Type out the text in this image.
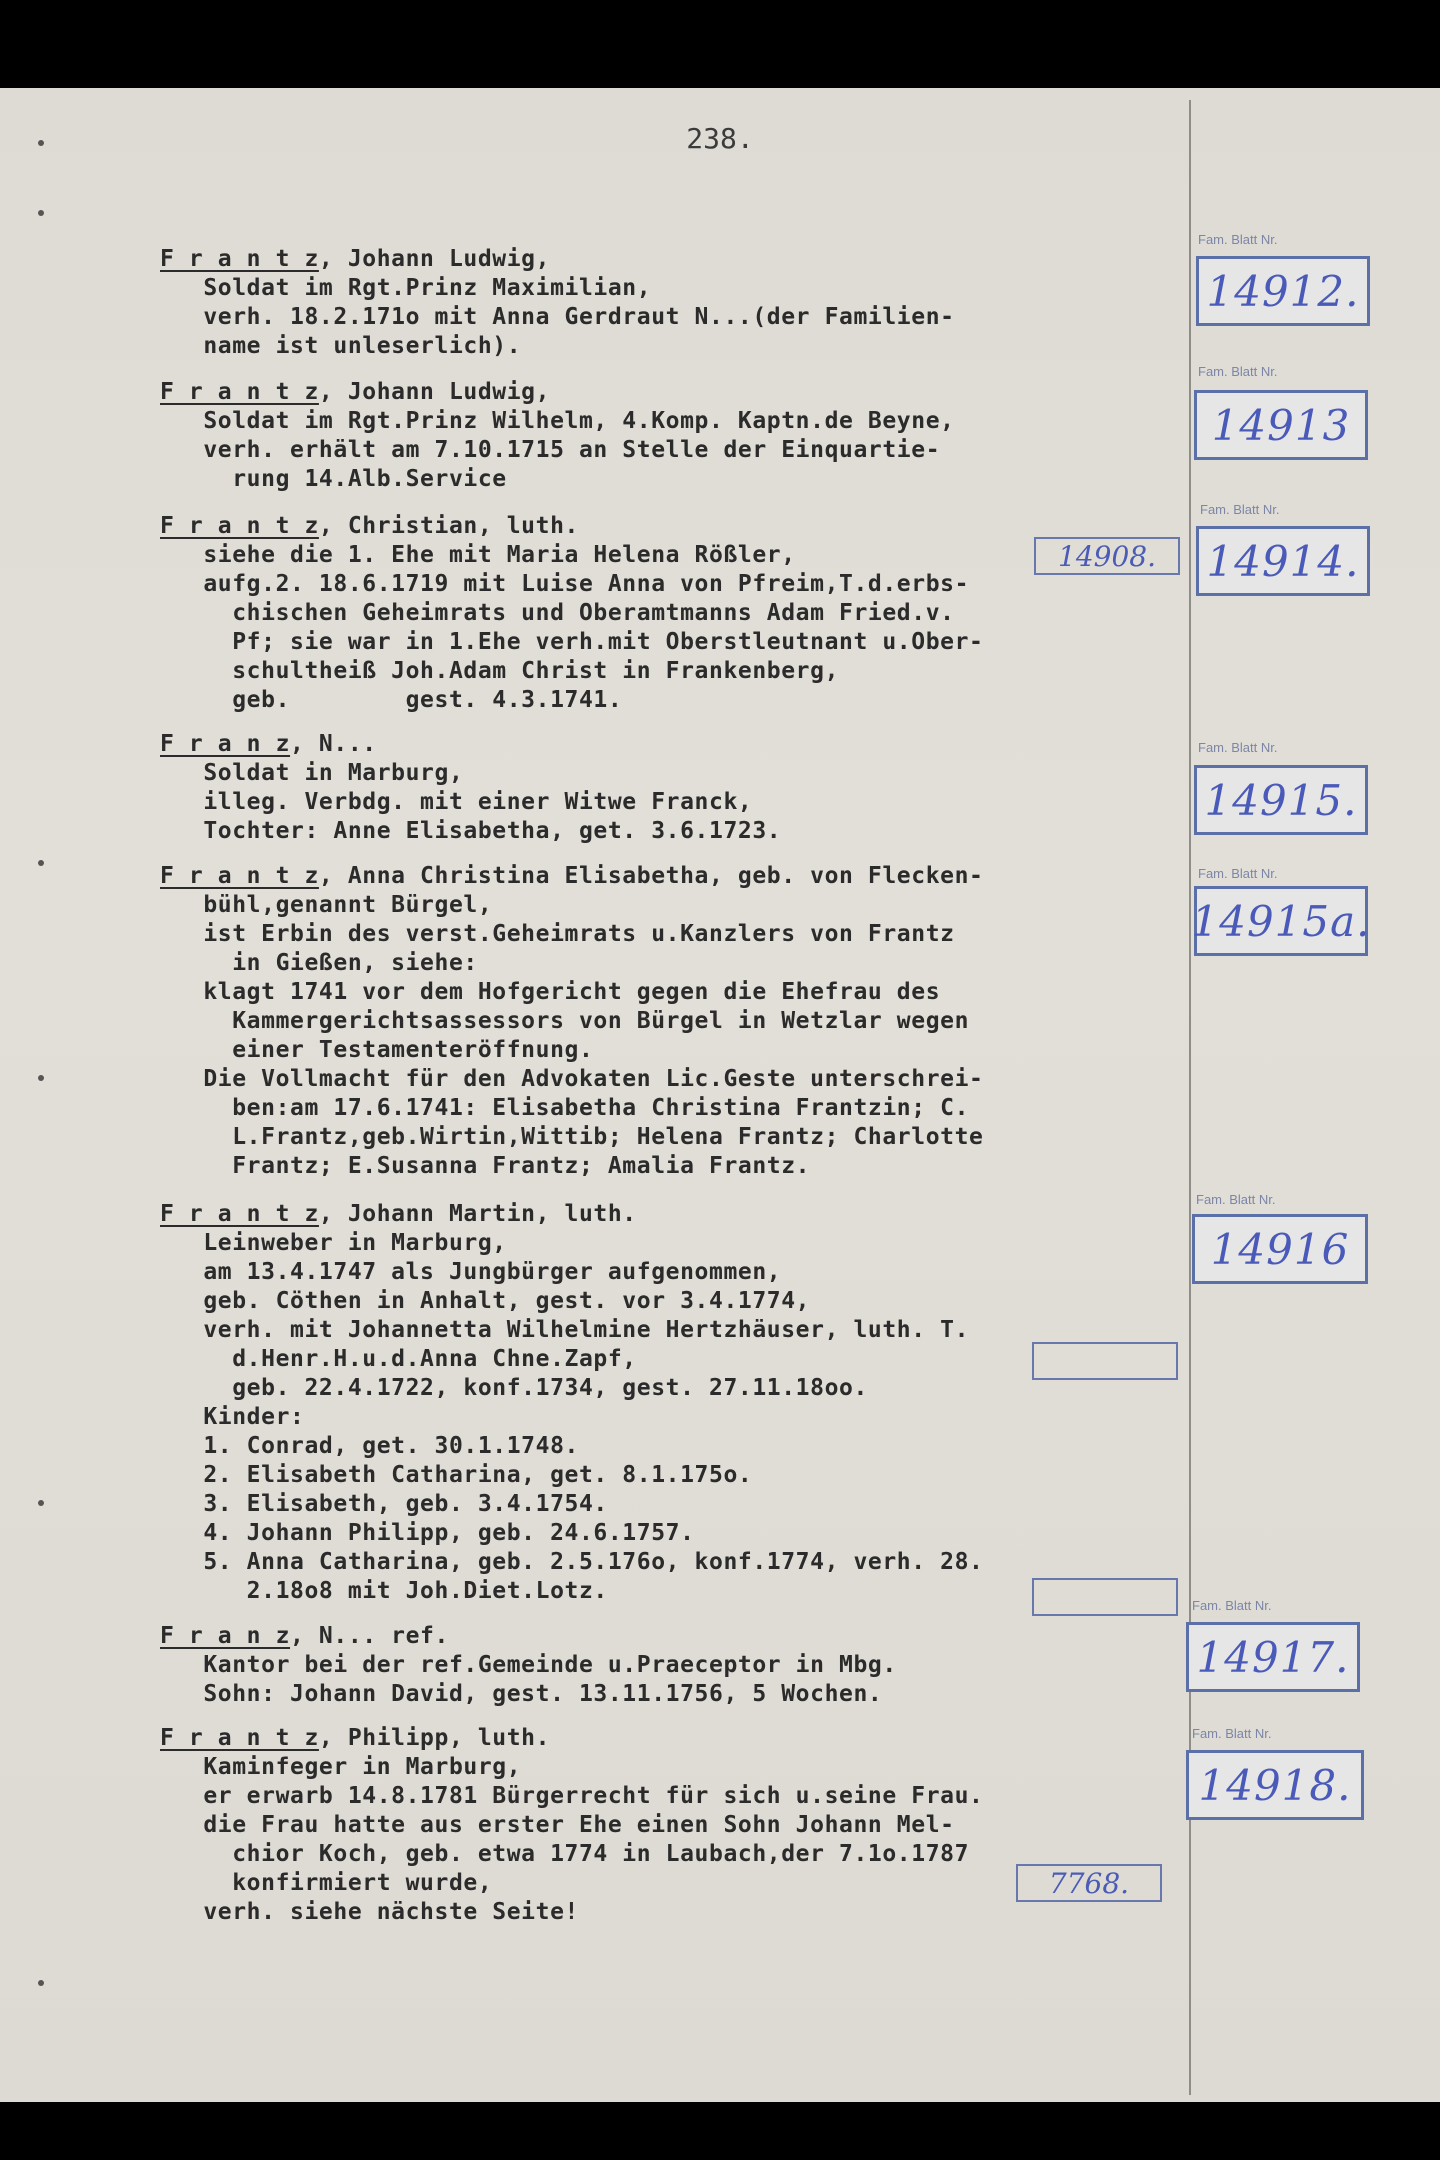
238.
F r a n t z, Johann Ludwig,
Soldat im Rgt.Prinz Maximilian,
verh. 18.2.171o mit Anna Gerdraut N...(der Familien-
name ist unleserlich).
Fam. Blatt Nr.
14912.
F r a n t z, Johann Ludwig,
Soldat im Rgt.Prinz Wilhelm, 4.Komp. Kaptn.de Beyne,
verh. erhält am 7.10.1715 an Stelle der Einquartie-
rung 14.Alb.Service
Fam. Blatt Nr.
14913
F r a n t z, Christian, luth.
siehe die 1. Ehe mit Maria Helena Rößler,
aufg.2. 18.6.1719 mit Luise Anna von Pfreim,T.d.erbs-
chischen Geheimrats und Oberamtmanns Adam Fried.v.
Pf; sie war in 1.Ehe verh.mit Oberstleutnant u.Ober-
schultheiß Joh.Adam Christ in Frankenberg,
geb.        gest. 4.3.1741.
14908.
Fam. Blatt Nr.
14914.
F r a n z, N...
Soldat in Marburg,
illeg. Verbdg. mit einer Witwe Franck,
Tochter: Anne Elisabetha, get. 3.6.1723.
Fam. Blatt Nr.
14915.
F r a n t z, Anna Christina Elisabetha, geb. von Flecken-
bühl,genannt Bürgel,
ist Erbin des verst.Geheimrats u.Kanzlers von Frantz
in Gießen, siehe:
klagt 1741 vor dem Hofgericht gegen die Ehefrau des
Kammergerichtsassessors von Bürgel in Wetzlar wegen
einer Testamenteröffnung.
Die Vollmacht für den Advokaten Lic.Geste unterschrei-
ben:am 17.6.1741: Elisabetha Christina Frantzin; C.
L.Frantz,geb.Wirtin,Wittib; Helena Frantz; Charlotte
Frantz; E.Susanna Frantz; Amalia Frantz.
Fam. Blatt Nr.
14915a.
F r a n t z, Johann Martin, luth.
Leinweber in Marburg,
am 13.4.1747 als Jungbürger aufgenommen,
geb. Cöthen in Anhalt, gest. vor 3.4.1774,
verh. mit Johannetta Wilhelmine Hertzhäuser, luth. T.
d.Henr.H.u.d.Anna Chne.Zapf,
geb. 22.4.1722, konf.1734, gest. 27.11.18oo.
Kinder:
1. Conrad, get. 30.1.1748.
2. Elisabeth Catharina, get. 8.1.175o.
3. Elisabeth, geb. 3.4.1754.
4. Johann Philipp, geb. 24.6.1757.
5. Anna Catharina, geb. 2.5.176o, konf.1774, verh. 28.
2.18o8 mit Joh.Diet.Lotz.
Fam. Blatt Nr.
14916
F r a n z, N... ref.
Kantor bei der ref.Gemeinde u.Praeceptor in Mbg.
Sohn: Johann David, gest. 13.11.1756, 5 Wochen.
Fam. Blatt Nr.
14917.
F r a n t z, Philipp, luth.
Kaminfeger in Marburg,
er erwarb 14.8.1781 Bürgerrecht für sich u.seine Frau.
die Frau hatte aus erster Ehe einen Sohn Johann Mel-
chior Koch, geb. etwa 1774 in Laubach,der 7.1o.1787
konfirmiert wurde,
verh. siehe nächste Seite!
7768.
Fam. Blatt Nr.
14918.
